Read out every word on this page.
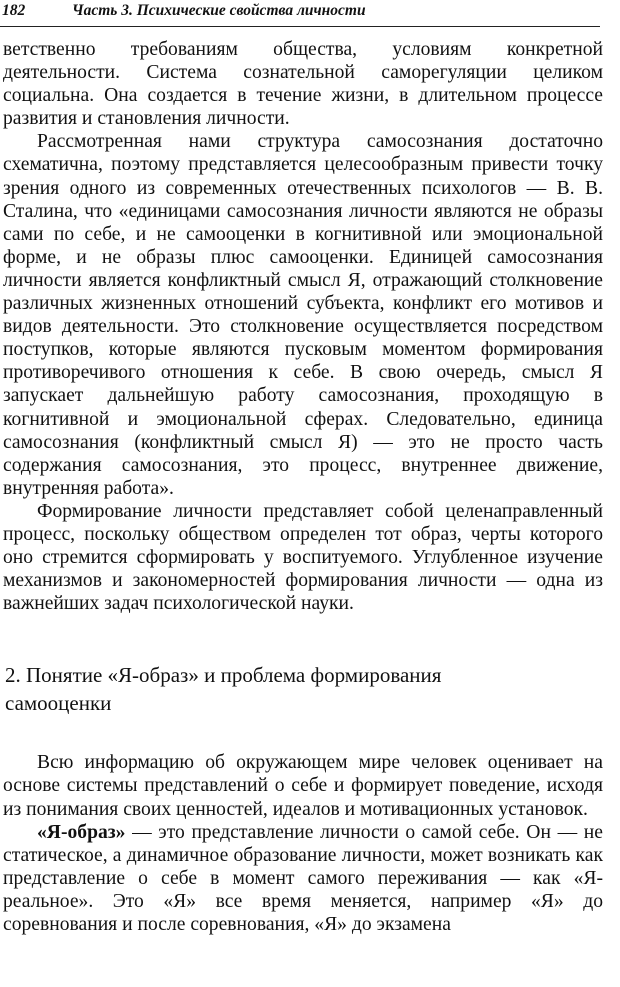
182	Часть 3. Психические свойства личности

ветственно требованиям общества, условиям конкретной деятельности. Система сознательной саморегуляции целиком социальна. Она создается в течение жизни, в длительном процессе развития и становления личности.

Рассмотренная нами структура самосознания достаточно схематична, поэтому представляется целесообразным привести точку зрения одного из современных отечественных психологов — В. В. Сталина, что «единицами самосознания личности являются не образы сами по себе, и не самооценки в когнитивной или эмоциональной форме, и не образы плюс самооценки. Единицей самосознания личности является конфликтный смысл Я, отражающий столкновение различных жизненных отношений субъекта, конфликт его мотивов и видов деятельности. Это столкновение осуществляется посредством поступков, которые являются пусковым моментом формирования противоречивого отношения к себе. В свою очередь, смысл Я запускает дальнейшую работу самосознания, проходящую в когнитивной и эмоциональной сферах. Следовательно, единица самосознания (конфликтный смысл Я) — это не просто часть содержания самосознания, это процесс, внутреннее движение, внутренняя работа».

Формирование личности представляет собой целенаправленный процесс, поскольку обществом определен тот образ, черты которого оно стремится сформировать у воспитуемого. Углубленное изучение механизмов и закономерностей формирования личности — одна из важнейших задач психологической науки.

2. Понятие «Я-образ» и проблема формирования
самооценки

Всю информацию об окружающем мире человек оценивает на основе системы представлений о себе и формирует поведение, исходя из понимания своих ценностей, идеалов и мотивационных установок.

«Я-образ» — это представление личности о самой себе. Он — не статическое, а динамичное образование личности, может возникать как представление о себе в момент самого переживания — как «Я-реальное». Это «Я» все время меняется, например «Я» до соревнования и после соревнования, «Я» до экзамена
